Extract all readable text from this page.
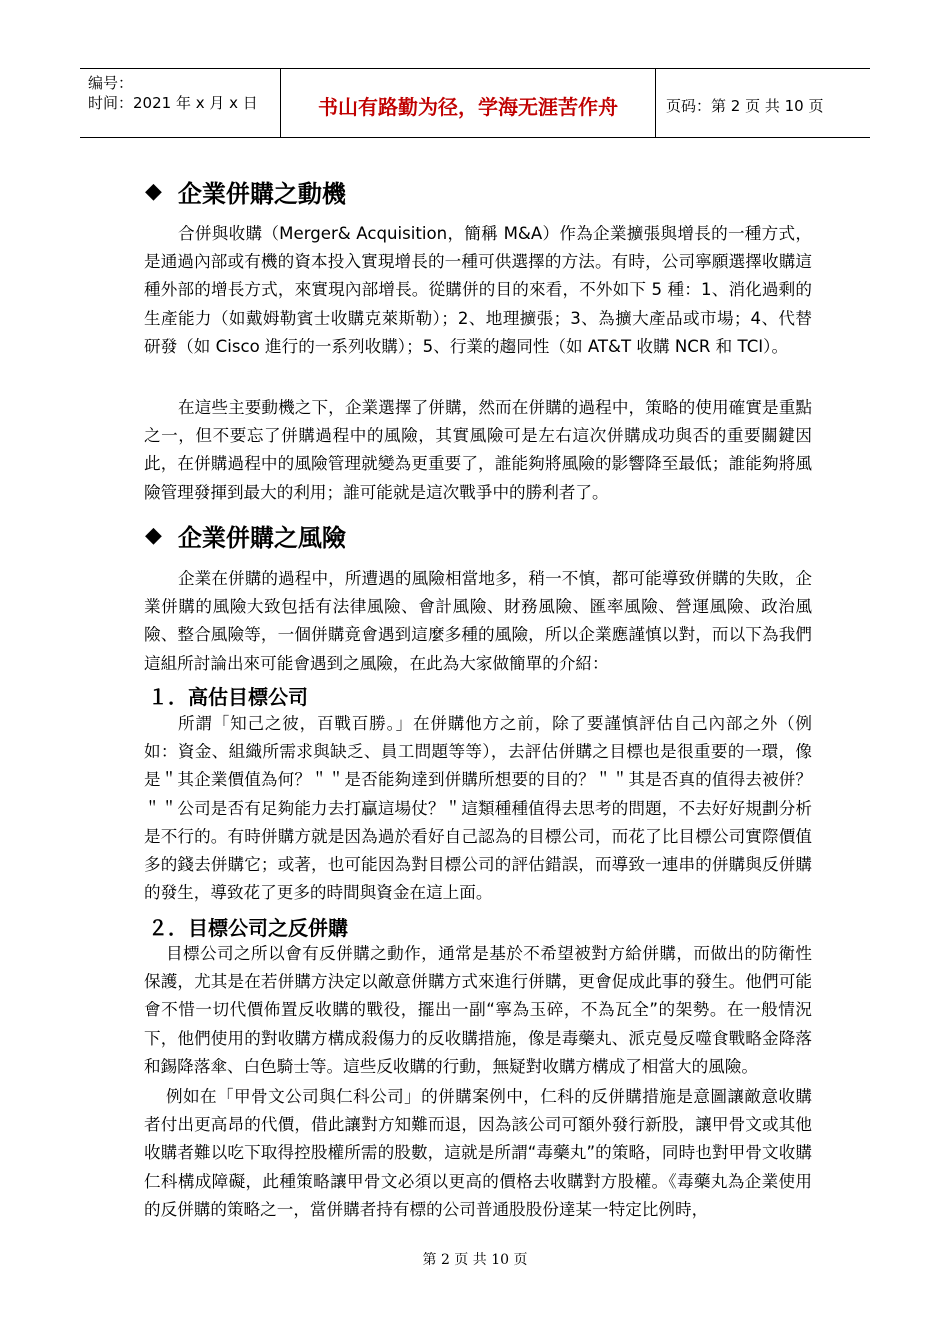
编号：
时间：2021 年 x 月 x 日	书山有路勤为径，学海无涯苦作舟	页码：第 2 页 共 10 页
◆ 企業併購之動機
合併與收購（Merger& Acquisition，簡稱 M&A）作為企業擴張與增長的一種方式，是通過內部或有機的資本投入實現增長的一種可供選擇的方法。有時，公司寧願選擇收購這種外部的增長方式，來實現內部增長。從購併的目的來看，不外如下 5 種：1、消化過剩的生產能力（如戴姆勒賓士收購克萊斯勒）；2、地理擴張；3、為擴大產品或市場；4、代替研發（如 Cisco 進行的一系列收購）；5、行業的趨同性（如 AT&T 收購 NCR 和 TCI）。
在這些主要動機之下，企業選擇了併購，然而在併購的過程中，策略的使用確實是重點之一，但不要忘了併購過程中的風險，其實風險可是左右這次併購成功與否的重要關鍵因此，在併購過程中的風險管理就變為更重要了，誰能夠將風險的影響降至最低；誰能夠將風險管理發揮到最大的利用；誰可能就是這次戰爭中的勝利者了。
◆ 企業併購之風險
企業在併購的過程中，所遭遇的風險相當地多，稍一不慎，都可能導致併購的失敗，企業併購的風險大致包括有法律風險、會計風險、財務風險、匯率風險、營運風險、政治風險、整合風險等，一個併購竟會遇到這麼多種的風險，所以企業應謹慎以對，而以下為我們這組所討論出來可能會遇到之風險，在此為大家做簡單的介紹：
１．高估目標公司
所謂「知己之彼，百戰百勝。」在併購他方之前，除了要謹慎評估自己內部之外（例如：資金、組織所需求與缺乏、員工問題等等），去評估併購之目標也是很重要的一環，像是＂其企業價值為何？＂＂是否能夠達到併購所想要的目的？＂＂其是否真的值得去被併？＂＂公司是否有足夠能力去打贏這場仗？＂這類種種值得去思考的問題，不去好好規劃分析是不行的。有時併購方就是因為過於看好自己認為的目標公司，而花了比目標公司實際價值多的錢去併購它；或著，也可能因為對目標公司的評估錯誤，而導致一連串的併購與反併購的發生，導致花了更多的時間與資金在這上面。
２．目標公司之反併購
目標公司之所以會有反併購之動作，通常是基於不希望被對方給併購，而做出的防衛性保護，尤其是在若併購方決定以敵意併購方式來進行併購，更會促成此事的發生。他們可能會不惜一切代價佈置反收購的戰役，擺出一副“寧為玉碎，不為瓦全”的架勢。在一般情況下，他們使用的對收購方構成殺傷力的反收購措施，像是毒藥丸、派克曼反噬食戰略金降落和錫降落傘、白色騎士等。這些反收購的行動，無疑對收購方構成了相當大的風險。
例如在「甲骨文公司與仁科公司」的併購案例中，仁科的反併購措施是意圖讓敵意收購者付出更高昂的代價，借此讓對方知難而退，因為該公司可額外發行新股，讓甲骨文或其他收購者難以吃下取得控股權所需的股數，這就是所謂“毒藥丸”的策略，同時也對甲骨文收購仁科構成障礙，此種策略讓甲骨文必須以更高的價格去收購對方股權。《毒藥丸為企業使用的反併購的策略之一，當併購者持有標的公司普通股股份達某一特定比例時，
第 2 页 共 10 页
